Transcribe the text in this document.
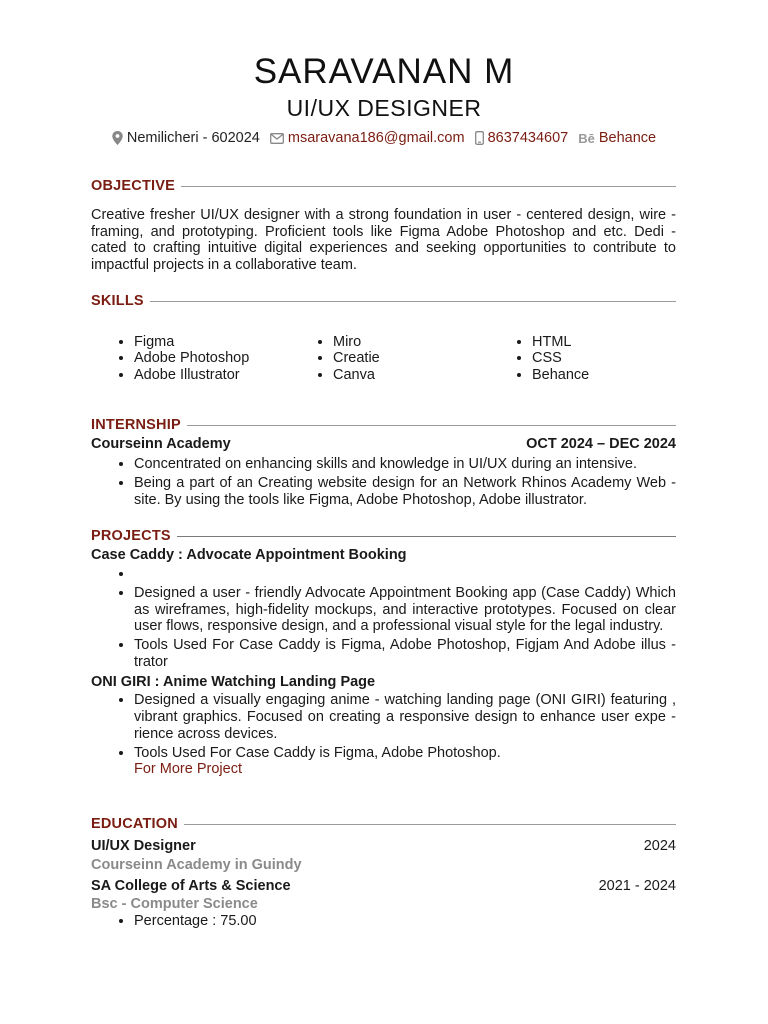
SARAVANAN M
UI/UX DESIGNER
Nemilicheri - 602024 msaravana186@gmail.com 8637434607 Bē Behance
OBJECTIVE
Creative fresher UI/UX designer with a strong foundation in user - centered design, wire -
framing, and prototyping. Proficient tools like Figma Adobe Photoshop and etc. Dedi -
cated to crafting intuitive digital experiences and seeking opportunities to contribute to
impactful projects in a collaborative team.
SKILLS
• Figma
• Adobe Photoshop
• Adobe Illustrator
• Miro
• Creatie
• Canva
• HTML
• CSS
• Behance
INTERNSHIP
Courseinn Academy	OCT 2024 – DEC 2024
• Concentrated on enhancing skills and knowledge in UI/UX during an intensive.
• Being a part of an Creating website design for an Network Rhinos Academy Web - site. By using the tools like Figma, Adobe Photoshop, Adobe illustrator.
PROJECTS
Case Caddy : Advocate Appointment Booking
•
• Designed a user - friendly Advocate Appointment Booking app (Case Caddy) Which as wireframes, high-fidelity mockups, and interactive prototypes. Focused on clear user flows, responsive design, and a professional visual style for the legal industry.
• Tools Used For Case Caddy is Figma, Adobe Photoshop, Figjam And Adobe illus - trator
ONI GIRI : Anime Watching Landing Page
• Designed a visually engaging anime - watching landing page (ONI GIRI) featuring , vibrant graphics. Focused on creating a responsive design to enhance user expe - rience across devices.
• Tools Used For Case Caddy is Figma, Adobe Photoshop.
For More Project
EDUCATION
UI/UX Designer	2024
Courseinn Academy in Guindy
SA College of Arts & Science	2021 - 2024
Bsc - Computer Science
• Percentage : 75.00
